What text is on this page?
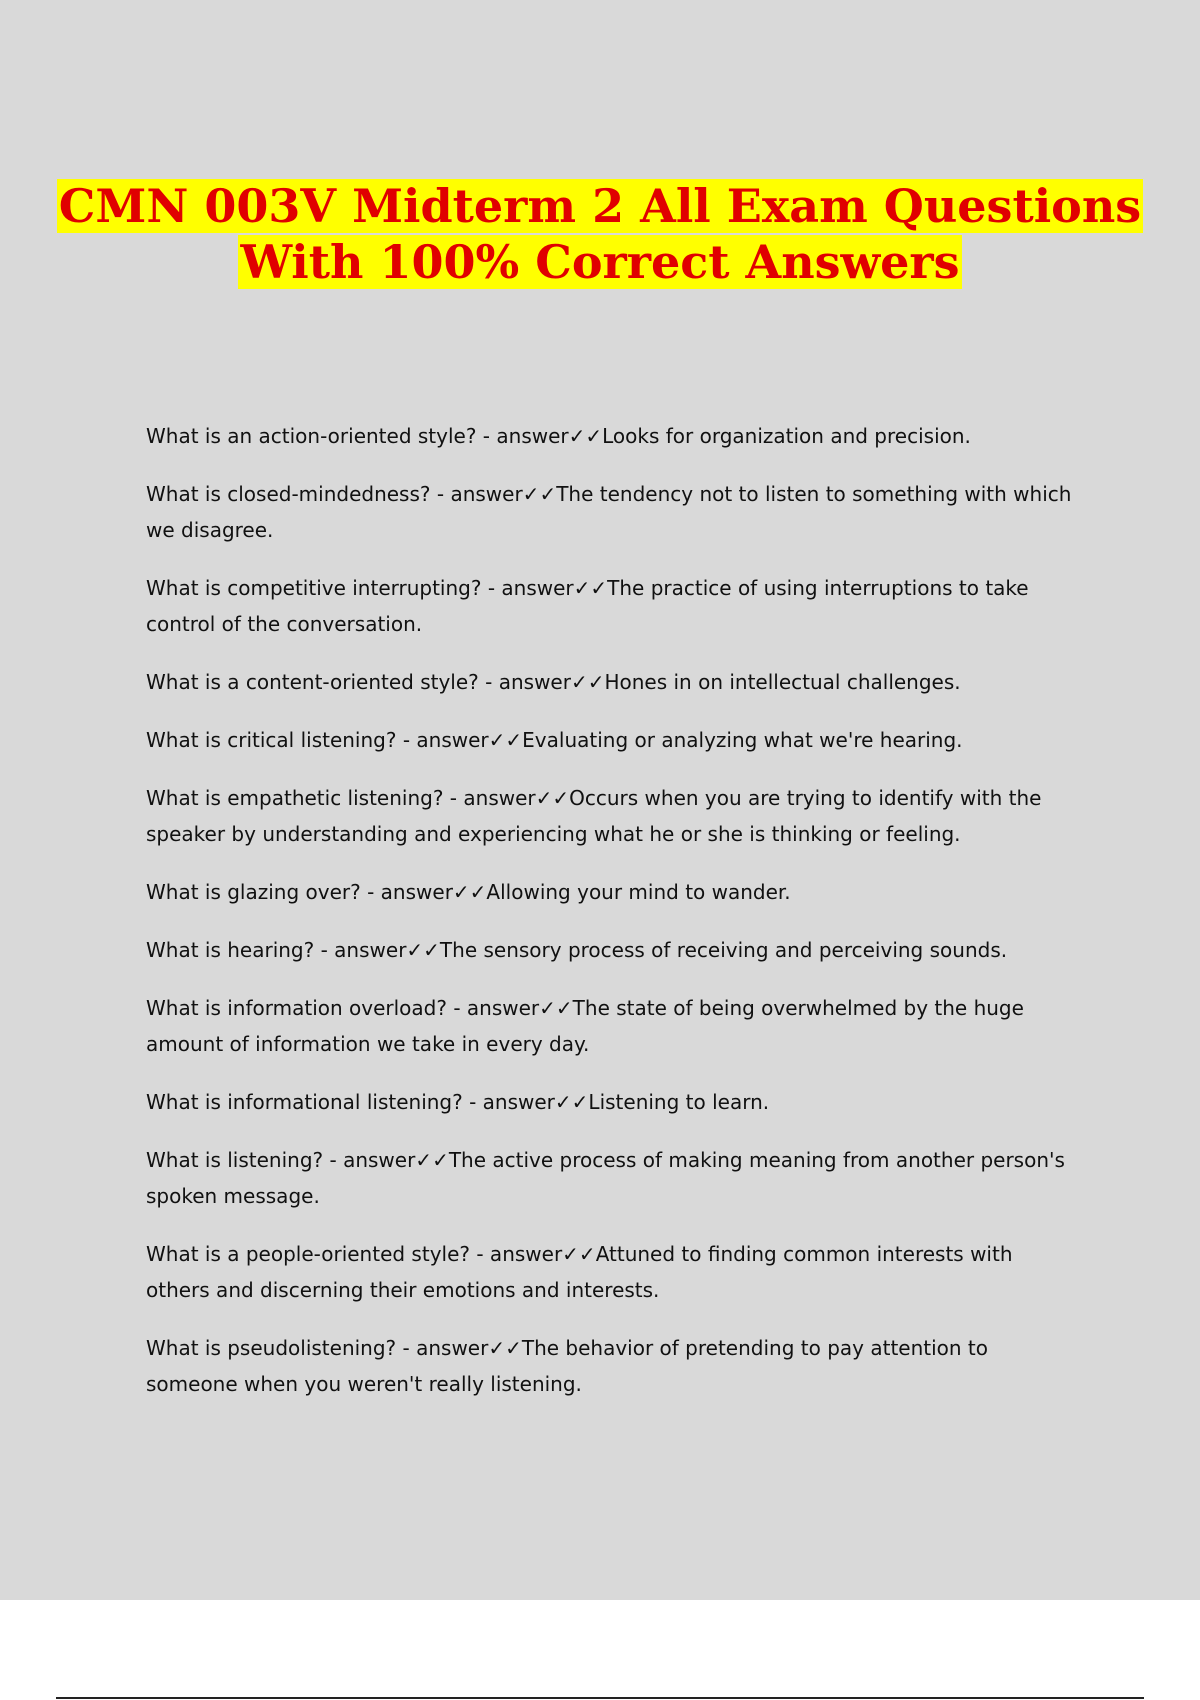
CMN 003V Midterm 2 All Exam Questions
With 100% Correct Answers
What is an action-oriented style? - answer✓✓Looks for organization and precision.
What is closed-mindedness? - answer✓✓The tendency not to listen to something with which we disagree.
What is competitive interrupting? - answer✓✓The practice of using interruptions to take control of the conversation.
What is a content-oriented style? - answer✓✓Hones in on intellectual challenges.
What is critical listening? - answer✓✓Evaluating or analyzing what we're hearing.
What is empathetic listening? - answer✓✓Occurs when you are trying to identify with the speaker by understanding and experiencing what he or she is thinking or feeling.
What is glazing over? - answer✓✓Allowing your mind to wander.
What is hearing? - answer✓✓The sensory process of receiving and perceiving sounds.
What is information overload? - answer✓✓The state of being overwhelmed by the huge amount of information we take in every day.
What is informational listening? - answer✓✓Listening to learn.
What is listening? - answer✓✓The active process of making meaning from another person's spoken message.
What is a people-oriented style? - answer✓✓Attuned to finding common interests with others and discerning their emotions and interests.
What is pseudolistening? - answer✓✓The behavior of pretending to pay attention to someone when you weren't really listening.
